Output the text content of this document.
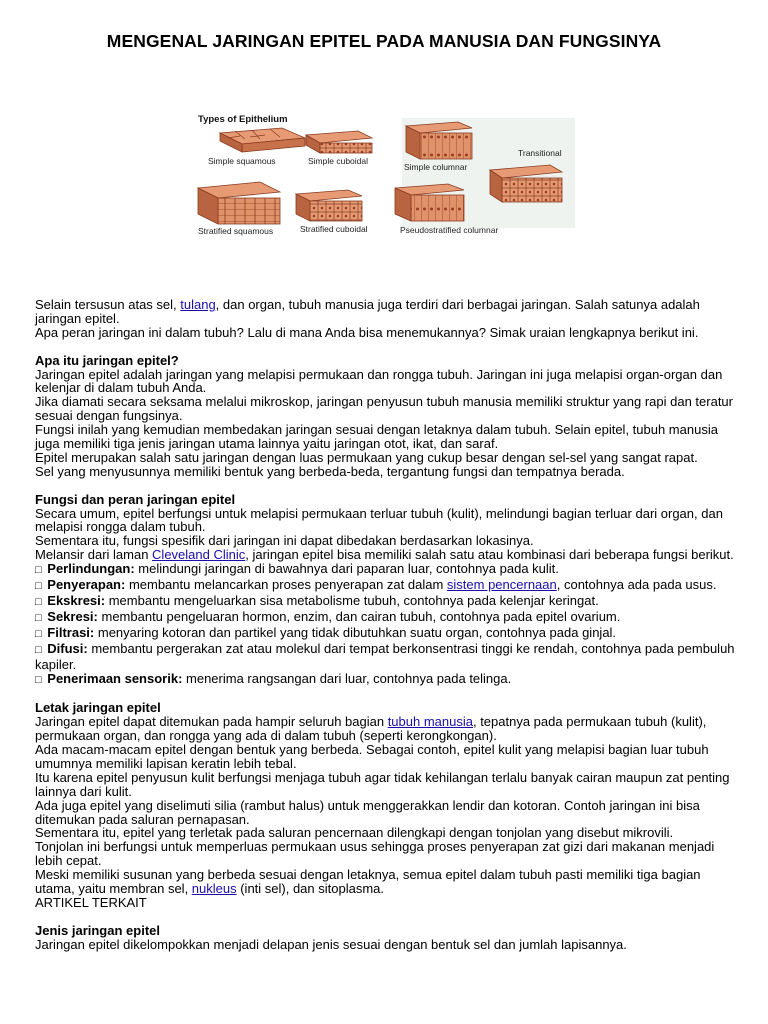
MENGENAL JARINGAN EPITEL PADA MANUSIA DAN FUNGSINYA
Types of Epithelium
Simple squamous	Simple cuboidal
Simple columnar
Transitional
Stratified squamous	Stratified cuboidal	Pseudostratified columnar

Selain tersusun atas sel, tulang, dan organ, tubuh manusia juga terdiri dari berbagai jaringan. Salah satunya adalah jaringan epitel.

Apa peran jaringan ini dalam tubuh? Lalu di mana Anda bisa menemukannya? Simak uraian lengkapnya berikut ini.

Apa itu jaringan epitel?

Jaringan epitel adalah jaringan yang melapisi permukaan dan rongga tubuh. Jaringan ini juga melapisi organ-organ dan kelenjar di dalam tubuh Anda.

Jika diamati secara seksama melalui mikroskop, jaringan penyusun tubuh manusia memiliki struktur yang rapi dan teratur sesuai dengan fungsinya.

Fungsi inilah yang kemudian membedakan jaringan sesuai dengan letaknya dalam tubuh. Selain epitel, tubuh manusia juga memiliki tiga jenis jaringan utama lainnya yaitu jaringan otot, ikat, dan saraf.

Epitel merupakan salah satu jaringan dengan luas permukaan yang cukup besar dengan sel-sel yang sangat rapat.

Sel yang menyusunnya memiliki bentuk yang berbeda-beda, tergantung fungsi dan tempatnya berada.

Fungsi dan peran jaringan epitel

Secara umum, epitel berfungsi untuk melapisi permukaan terluar tubuh (kulit), melindungi bagian terluar dari organ, dan melapisi rongga dalam tubuh.

Sementara itu, fungsi spesifik dari jaringan ini dapat dibedakan berdasarkan lokasinya.

Melansir dari laman Cleveland Clinic, jaringan epitel bisa memiliki salah satu atau kombinasi dari beberapa fungsi berikut.

□ Perlindungan: melindungi jaringan di bawahnya dari paparan luar, contohnya pada kulit.

□ Penyerapan: membantu melancarkan proses penyerapan zat dalam sistem pencernaan, contohnya ada pada usus.

□ Ekskresi: membantu mengeluarkan sisa metabolisme tubuh, contohnya pada kelenjar keringat.

□ Sekresi: membantu pengeluaran hormon, enzim, dan cairan tubuh, contohnya pada epitel ovarium.

□ Filtrasi: menyaring kotoran dan partikel yang tidak dibutuhkan suatu organ, contohnya pada ginjal.

□ Difusi: membantu pergerakan zat atau molekul dari tempat berkonsentrasi tinggi ke rendah, contohnya pada pembuluh kapiler.

□ Penerimaan sensorik: menerima rangsangan dari luar, contohnya pada telinga.

Letak jaringan epitel

Jaringan epitel dapat ditemukan pada hampir seluruh bagian tubuh manusia, tepatnya pada permukaan tubuh (kulit), permukaan organ, dan rongga yang ada di dalam tubuh (seperti kerongkongan).

Ada macam-macam epitel dengan bentuk yang berbeda. Sebagai contoh, epitel kulit yang melapisi bagian luar tubuh umumnya memiliki lapisan keratin lebih tebal.

Itu karena epitel penyusun kulit berfungsi menjaga tubuh agar tidak kehilangan terlalu banyak cairan maupun zat penting lainnya dari kulit.

Ada juga epitel yang diselimuti silia (rambut halus) untuk menggerakkan lendir dan kotoran. Contoh jaringan ini bisa ditemukan pada saluran pernapasan.

Sementara itu, epitel yang terletak pada saluran pencernaan dilengkapi dengan tonjolan yang disebut mikrovili.

Tonjolan ini berfungsi untuk memperluas permukaan usus sehingga proses penyerapan zat gizi dari makanan menjadi lebih cepat.

Meski memiliki susunan yang berbeda sesuai dengan letaknya, semua epitel dalam tubuh pasti memiliki tiga bagian utama, yaitu membran sel, nukleus (inti sel), dan sitoplasma.

ARTIKEL TERKAIT

Jenis jaringan epitel

Jaringan epitel dikelompokkan menjadi delapan jenis sesuai dengan bentuk sel dan jumlah lapisannya.
